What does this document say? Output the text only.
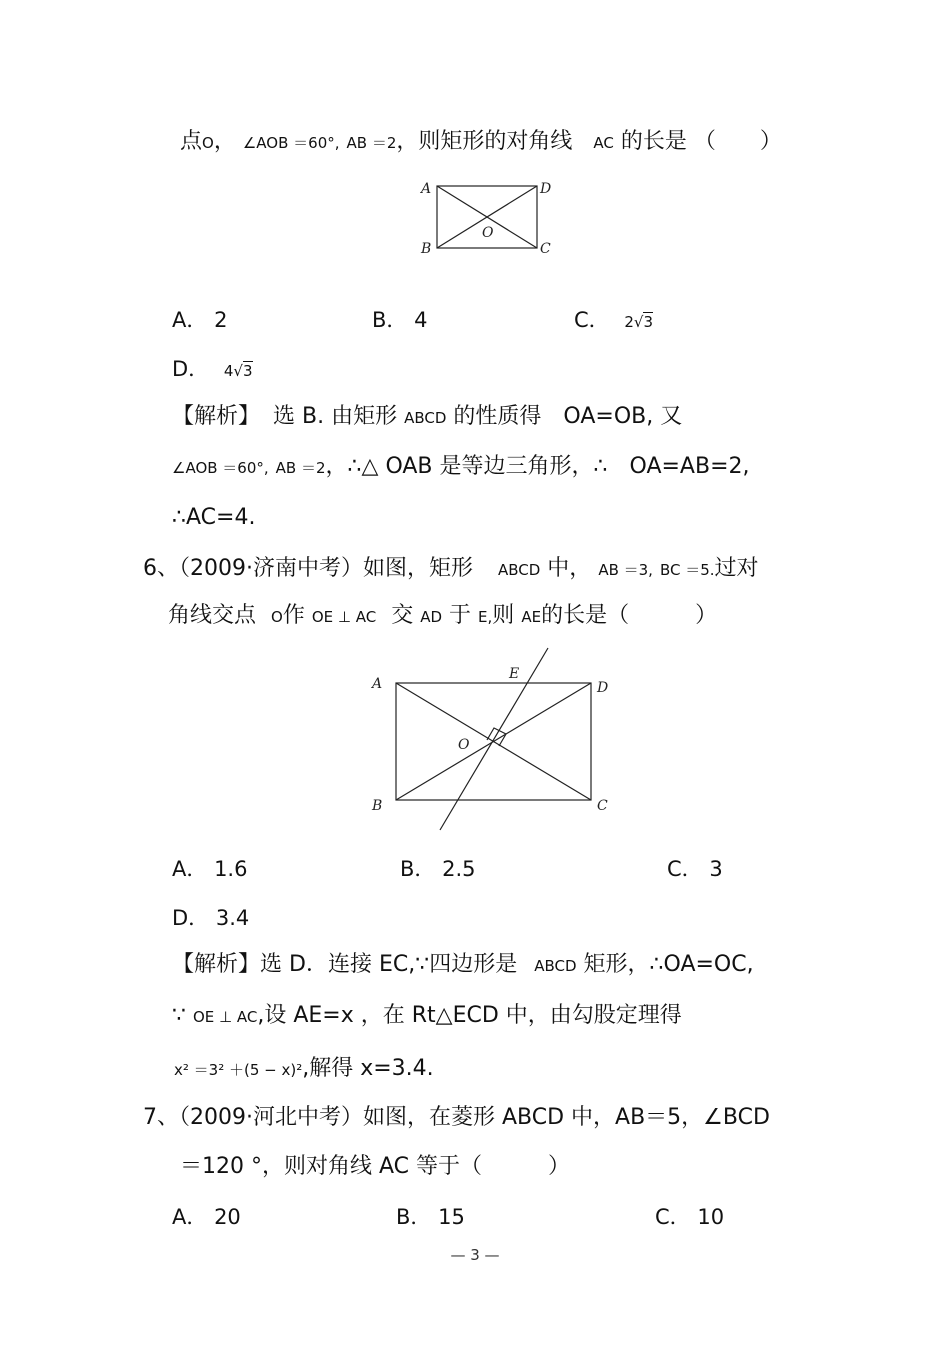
点O， ∠AOB ＝60°, AB ＝2，则矩形的对角线 AC 的长是 （　　）
A	D
B	C
O
A． 2	B． 4	C． 2√3
D． 4√3
【解析】 选 B. 由矩形 ABCD 的性质得　OA=OB, 又
∠AOB ＝60°, AB ＝2，∴△ OAB 是等边三角形，∴　OA=AB=2,
∴AC=4.
6、（2009·济南中考）如图，矩形 ABCD 中， AB ＝3, BC ＝5.过对
角线交点 O作 OE ⊥ AC 交 AD 于 E,则 AE的长是（　　　）
A	D
B	C
E
O
A． 1.6	B． 2.5	C． 3
D． 3.4
【解析】选 D．连接 EC,∵四边形是 ABCD 矩形，∴OA=OC,
∵ OE ⊥ AC,设 AE=x ，在 Rt△ECD 中，由勾股定理得
x² ＝3² ＋(5 − x)²,解得 x=3.4.
7、（2009·河北中考）如图，在菱形 ABCD 中，AB＝5，∠BCD
＝120 °，则对角线 AC 等于（　　　）
A． 20	B． 15	C． 10
— 3 —
